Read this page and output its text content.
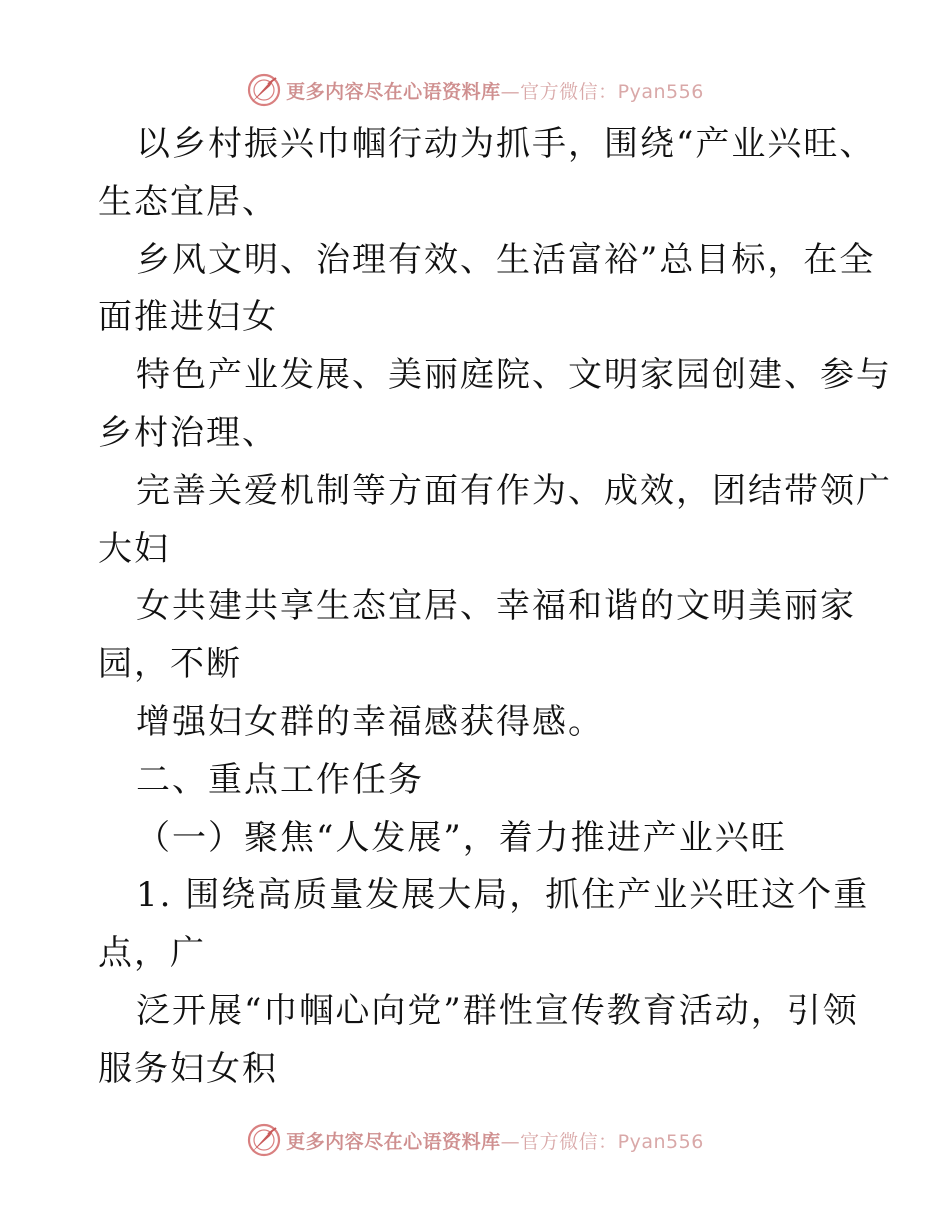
更多内容尽在心语资料库—官方微信：Pyan556
以乡村振兴巾帼行动为抓手，围绕“产业兴旺、
生态宜居、
乡风文明、治理有效、生活富裕”总目标，在全
面推进妇女
特色产业发展、美丽庭院、文明家园创建、参与
乡村治理、
完善关爱机制等方面有作为、成效，团结带领广
大妇
女共建共享生态宜居、幸福和谐的文明美丽家
园，不断
增强妇女群的幸福感获得感。
二、重点工作任务
（一）聚焦“人发展”，着力推进产业兴旺
1. 围绕高质量发展大局，抓住产业兴旺这个重
点，广
泛开展“巾帼心向党”群性宣传教育活动，引领
服务妇女积
更多内容尽在心语资料库—官方微信：Pyan556
